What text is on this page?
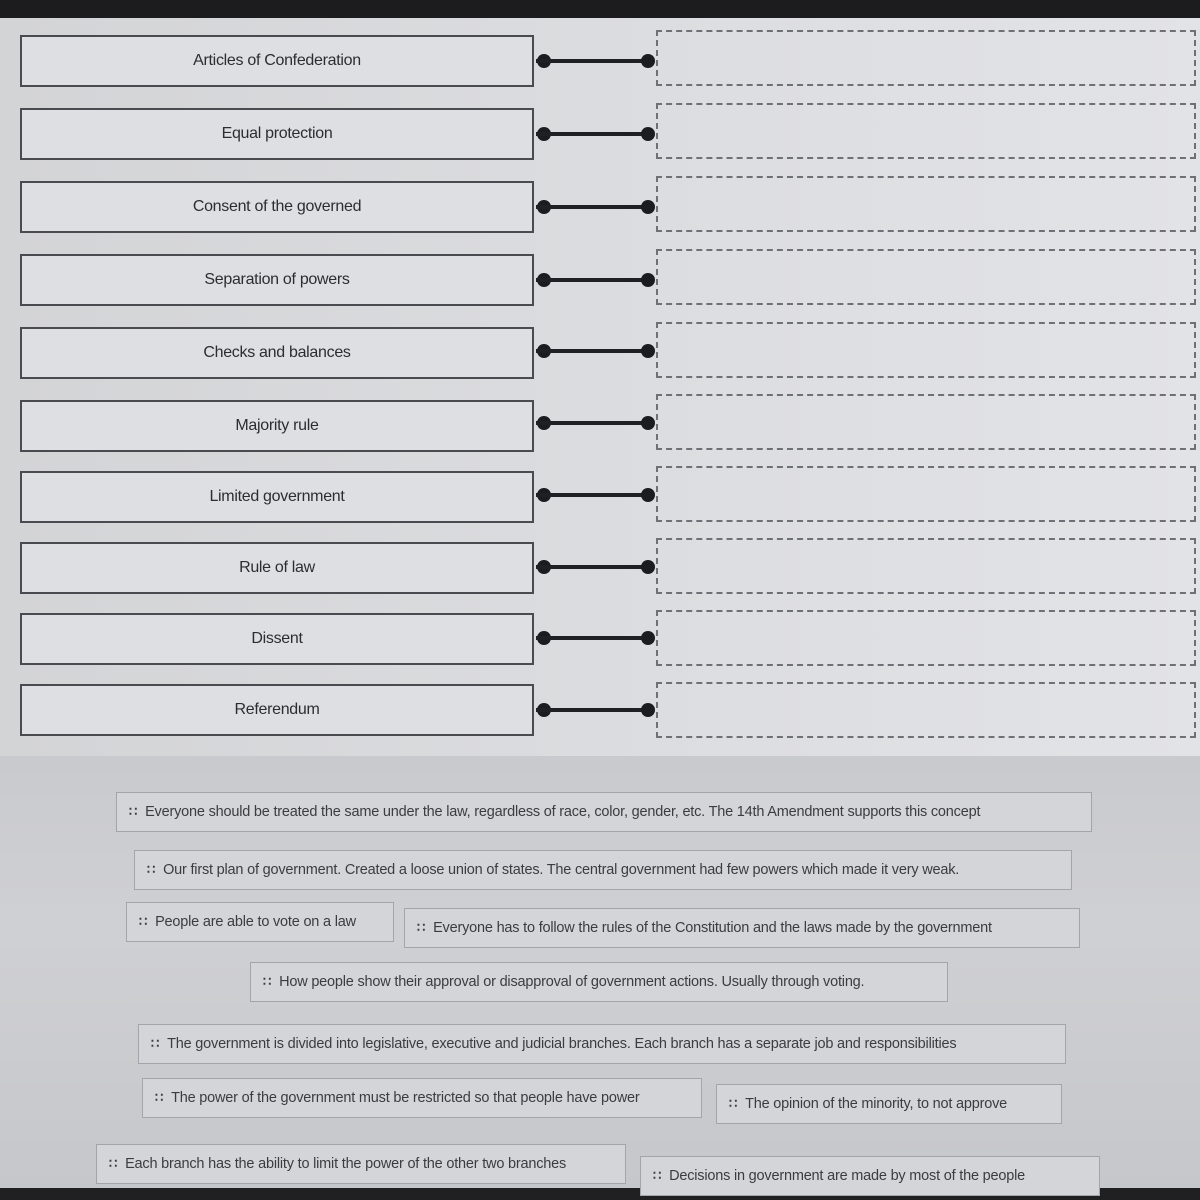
Articles of Confederation
Equal protection
Consent of the governed
Separation of powers
Checks and balances
Majority rule
Limited government
Rule of law
Dissent
Referendum
∷ Everyone should be treated the same under the law, regardless of race, color, gender, etc. The 14th Amendment supports this concept
∷ Our first plan of government. Created a loose union of states. The central government had few powers which made it very weak.
∷ People are able to vote on a law	∷ Everyone has to follow the rules of the Constitution and the laws made by the government
∷ How people show their approval or disapproval of government actions. Usually through voting.
∷ The government is divided into legislative, executive and judicial branches. Each branch has a separate job and responsibilities
∷ The power of the government must be restricted so that people have power	∷ The opinion of the minority, to not approve
∷ Each branch has the ability to limit the power of the other two branches
∷ Decisions in government are made by most of the people
